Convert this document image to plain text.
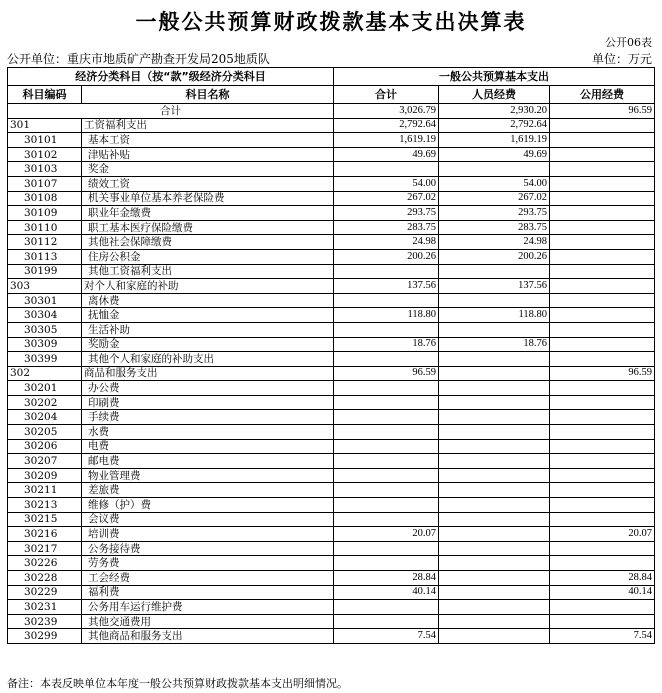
一般公共预算财政拨款基本支出决算表
公开06表
公开单位：重庆市地质矿产勘查开发局205地质队	单位：万元
经济分类科目（按“款”级经济分类科目		一般公共预算基本支出		
科目编码	科目名称	合计	人员经费	公用经费
合计		3,026.79	2,930.20	96.59
301	工资福利支出	2,792.64	2,792.64	
30101	基本工资	1,619.19	1,619.19	
30102	津贴补贴	49.69	49.69	
30103	奖金			
30107	绩效工资	54.00	54.00	
30108	机关事业单位基本养老保险费	267.02	267.02	
30109	职业年金缴费	293.75	293.75	
30110	职工基本医疗保险缴费	283.75	283.75	
30112	其他社会保障缴费	24.98	24.98	
30113	住房公积金	200.26	200.26	
30199	其他工资福利支出			
303	对个人和家庭的补助	137.56	137.56	
30301	离休费			
30304	抚恤金	118.80	118.80	
30305	生活补助			
30309	奖励金	18.76	18.76	
30399	其他个人和家庭的补助支出			
302	商品和服务支出	96.59		96.59
30201	办公费			
30202	印刷费			
30204	手续费			
30205	水费			
30206	电费			
30207	邮电费			
30209	物业管理费			
30211	差旅费			
30213	维修（护）费			
30215	会议费			
30216	培训费	20.07		20.07
30217	公务接待费			
30226	劳务费			
30228	工会经费	28.84		28.84
30229	福利费	40.14		40.14
30231	公务用车运行维护费			
30239	其他交通费用			
30299	其他商品和服务支出	7.54		7.54
备注：本表反映单位本年度一般公共预算财政拨款基本支出明细情况。
